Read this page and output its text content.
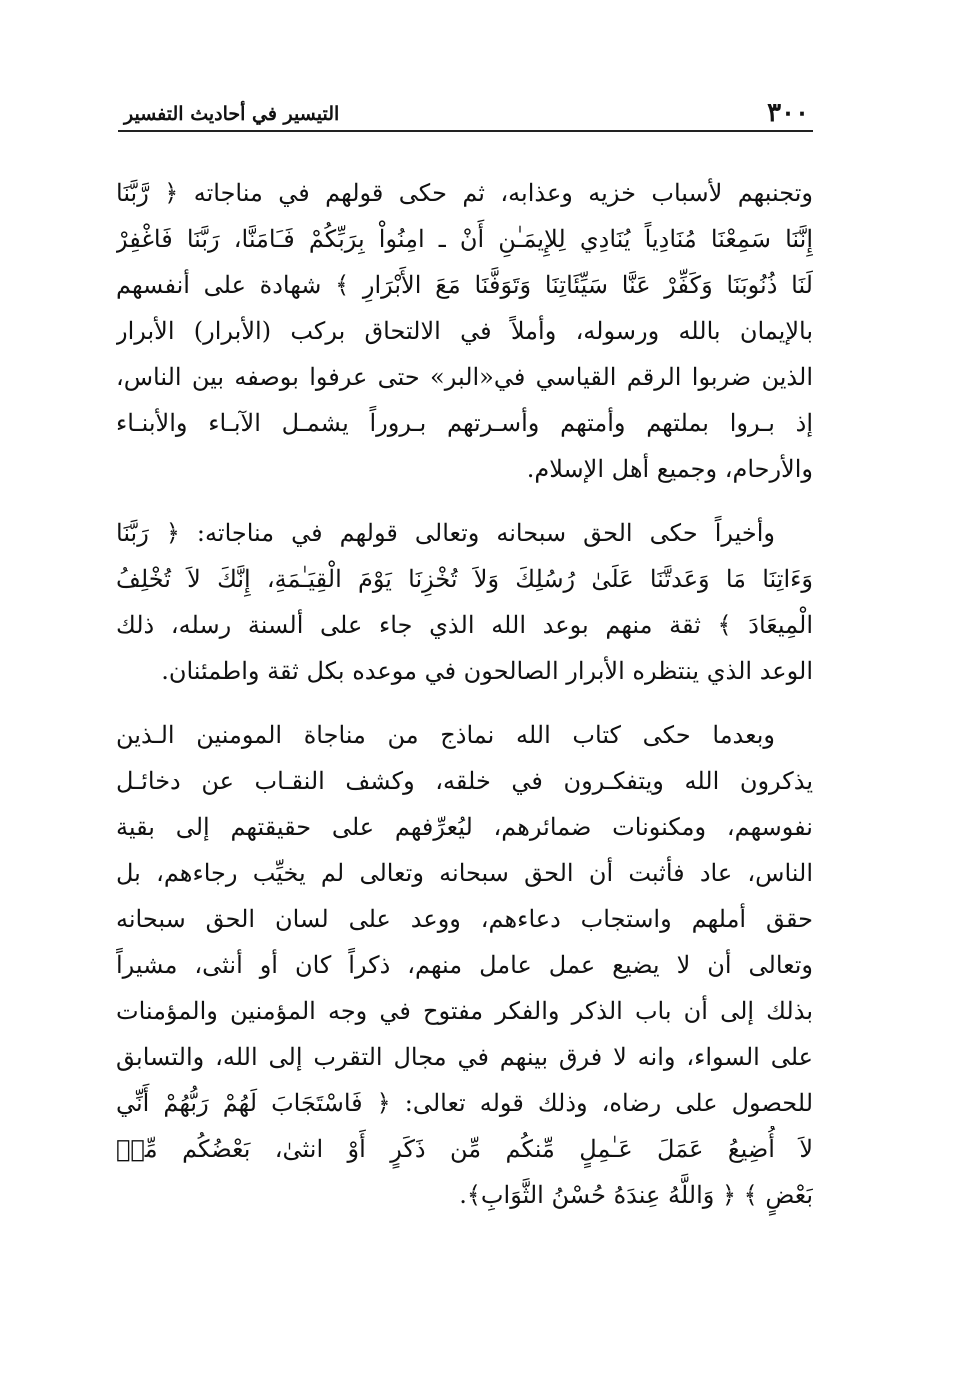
٣٠٠
التيسير في أحاديث التفسير
وتجنبهم لأسباب خزيه وعذابه، ثم حكى قولهم في مناجاته ﴿ رَّبَّنَا
إِنَّنَا سَمِعْنَا مُنَادِياً يُنَادِي لِلإِيمَـٰنِ أَنْ ـ امِنُواْ بِرَبِّكُمْ فَـَامَنَّا، رَبَّنَا فَاغْفِرْ
لَنَا ذُنُوبَنَا وَكَفِّرْ عَنَّا سَيِّئَاتِنَا وَتَوَفَّنَا مَعَ الأَبْرَارِ ﴾ شهادة على أنفسهم
بالإيمان بالله ورسوله، وأملاً في الالتحاق بركب (الأبرار) الأبرار
الذين ضربوا الرقم القياسي في«البر» حتى عرفوا بوصفه بين الناس،
إذ بـروا بملتهم وأمتهم وأسـرتهم بـروراً يشمـل الآبـاء والأبنـاء
والأرحام، وجميع أهل الإسلام.
وأخيراً حكى الحق سبحانه وتعالى قولهم في مناجاته: ﴿ رَبَّنَا
وَءَاتِنَا مَا وَعَدتَّنَا عَلَىٰ رُسُلِكَ وَلاَ تُخْزِنَا يَوْمَ الْقِيَـٰمَةِ، إِنَّكَ لاَ تُخْلِفُ
الْمِيعَادَ ﴾ ثقة منهم بوعد الله الذي جاء على ألسنة رسله، ذلك
الوعد الذي ينتظره الأبرار الصالحون في موعده بكل ثقة واطمئنان.
وبعدما حكى كتاب الله نماذج من مناجاة المومنين الـذين
يذكرون الله ويتفكـرون في خلقه، وكشف النقـاب عن دخائـل
نفوسهم، ومكنونات ضمائرهم، ليُعرِّفهم على حقيقتهم إلى بقية
الناس، عاد فأثبت أن الحق سبحانه وتعالى لم يخيِّب رجاءهم، بل
حقق أملهم واستجاب دعاءهم، ووعد على لسان الحق سبحانه
وتعالى أن لا يضيع عمل عامل منهم، ذكراً كان أو أنثى، مشيراً
بذلك إلى أن باب الذكر والفكر مفتوح في وجه المؤمنين والمؤمنات
على السواء، وانه لا فرق بينهم في مجال التقرب إلى الله، والتسابق
للحصول على رضاه، وذلك قوله تعالى: ﴿ فَاسْتَجَابَ لَهُمْ رَبُّهُمْ أَنِّي
لاَ أُضِيعُ عَمَلَ عَـٰمِلٍ مِّنكُم مِّن ذَكَرٍ أَوْ انثىٰ، بَعْضُكُم مِّنۢ
بَعْضٍ ﴾ ﴿ وَاللَّهُ عِندَهُ حُسْنُ الثَّوَابِ﴾.
